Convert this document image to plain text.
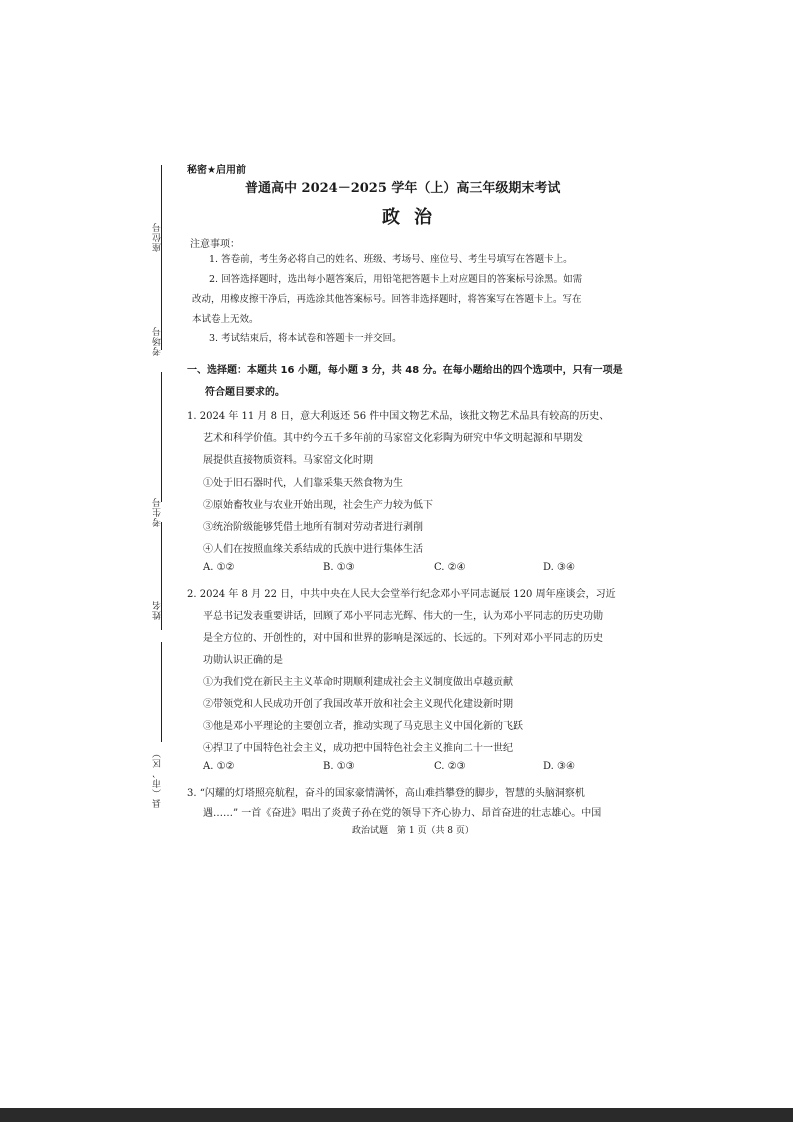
座位号
考场号
考生号
姓名
县（市、区）
秘密★启用前
普通高中 2024－2025 学年（上）高三年级期末考试
政治
注意事项：
1. 答卷前，考生务必将自己的姓名、班级、考场号、座位号、考生号填写在答题卡上。
2. 回答选择题时，选出每小题答案后，用铅笔把答题卡上对应题目的答案标号涂黑。如需
改动，用橡皮擦干净后，再选涂其他答案标号。回答非选择题时，将答案写在答题卡上。写在
本试卷上无效。
3. 考试结束后，将本试卷和答题卡一并交回。
一、选择题：本题共 16 小题，每小题 3 分，共 48 分。在每小题给出的四个选项中，只有一项是
符合题目要求的。
1. 2024 年 11 月 8 日，意大利返还 56 件中国文物艺术品，该批文物艺术品具有较高的历史、
艺术和科学价值。其中约今五千多年前的马家窑文化彩陶为研究中华文明起源和早期发
展提供直接物质资料。马家窑文化时期
①处于旧石器时代，人们靠采集天然食物为生
②原始畜牧业与农业开始出现，社会生产力较为低下
③统治阶级能够凭借土地所有制对劳动者进行剥削
④人们在按照血缘关系结成的氏族中进行集体生活
A. ①②	B. ①③	C. ②④	D. ③④
2. 2024 年 8 月 22 日，中共中央在人民大会堂举行纪念邓小平同志诞辰 120 周年座谈会，习近
平总书记发表重要讲话，回顾了邓小平同志光辉、伟大的一生，认为邓小平同志的历史功勋
是全方位的、开创性的，对中国和世界的影响是深远的、长远的。下列对邓小平同志的历史
功勋认识正确的是
①为我们党在新民主主义革命时期顺利建成社会主义制度做出卓越贡献
②带领党和人民成功开创了我国改革开放和社会主义现代化建设新时期
③他是邓小平理论的主要创立者，推动实现了马克思主义中国化新的飞跃
④捍卫了中国特色社会主义，成功把中国特色社会主义推向二十一世纪
A. ①②	B. ①③	C. ②③	D. ③④
3. “闪耀的灯塔照亮航程，奋斗的国家豪情满怀，高山难挡攀登的脚步，智慧的头脑洞察机
遇……” 一首《奋进》唱出了炎黄子孙在党的领导下齐心协力、昂首奋进的壮志雄心。中国
政治试题　第 1 页（共 8 页）
